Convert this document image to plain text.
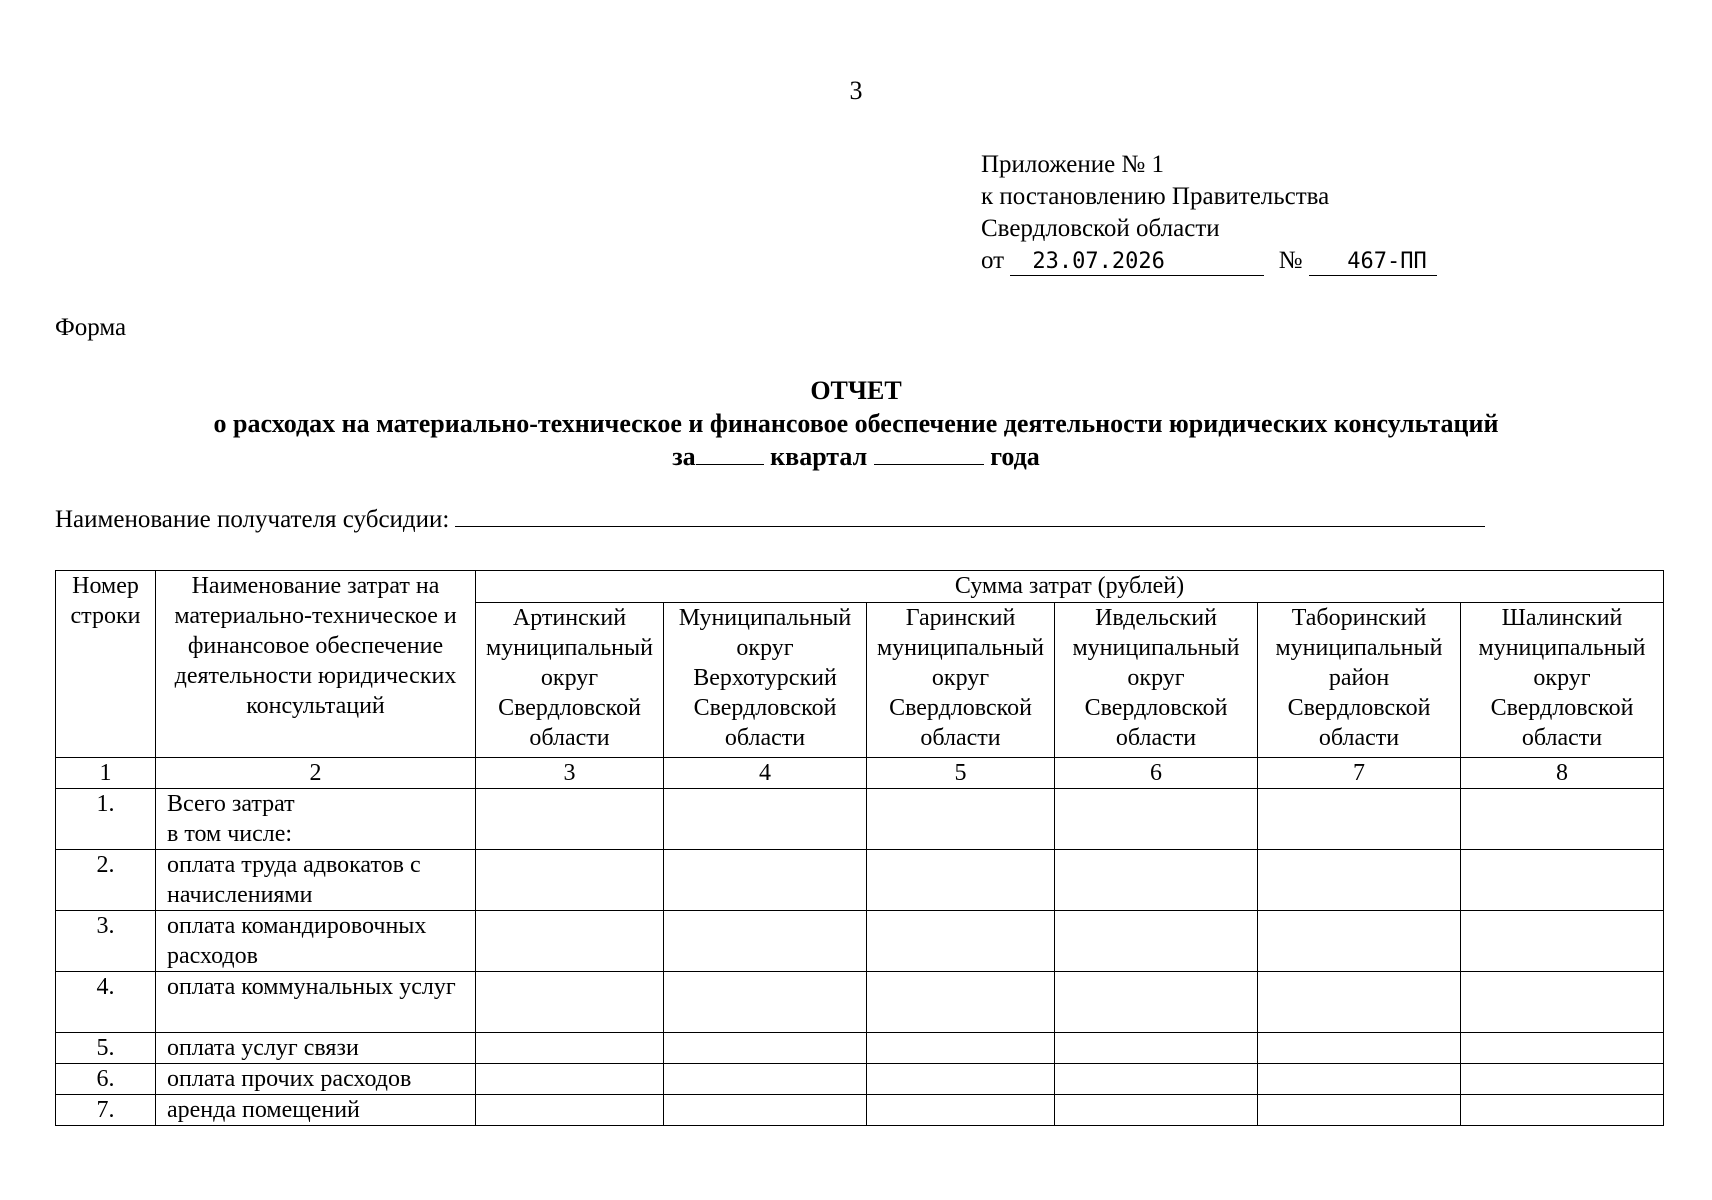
3
Приложение № 1
к постановлению Правительства
Свердловской области
от 23.07.2026	№ 467-ПП
Форма
ОТЧЕТ
о расходах на материально-техническое и финансовое обеспечение деятельности юридических консультаций
за	квартал	года
Наименование получателя субсидии:
Номер строки	Наименование затрат на материально-техническое и финансовое обеспечение деятельности юридических консультаций	Сумма затрат (рублей)					
		Артинский муниципальный округ Свердловской области	Муниципальный округ Верхотурский Свердловской области	Гаринский муниципальный округ Свердловской области	Ивдельский муниципальный округ Свердловской области	Таборинский муниципальный район Свердловской области	Шалинский муниципальный округ Свердловской области
1	2	3	4	5	6	7	8
1.	Всего затрат
в том числе:						
2.	оплата труда адвокатов с начислениями						
3.	оплата командировочных расходов						
4.	оплата коммунальных услуг						
5.	оплата услуг связи						
6.	оплата прочих расходов						
7.	аренда помещений						
